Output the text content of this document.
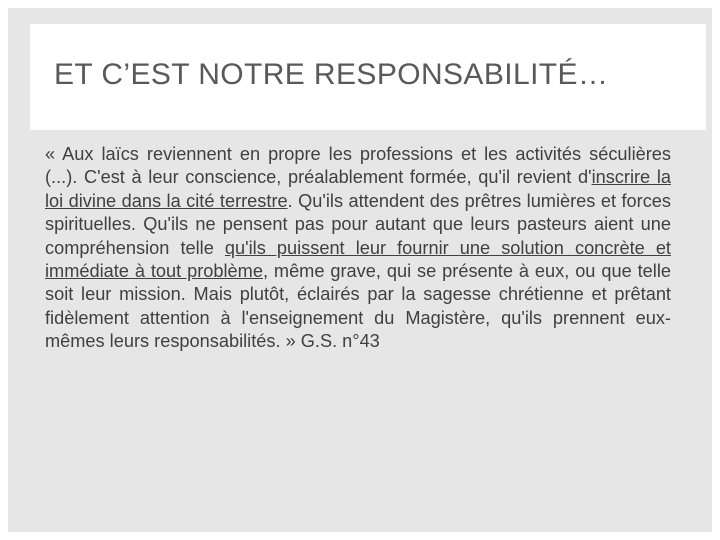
ET C’EST NOTRE RESPONSABILITÉ…

« Aux laïcs reviennent en propre les professions et les activités séculières (...). C'est à leur conscience, préalablement formée, qu'il revient d'inscrire la loi divine dans la cité terrestre. Qu'ils attendent des prêtres lumières et forces spirituelles. Qu'ils ne pensent pas pour autant que leurs pasteurs aient une compréhension telle qu'ils puissent leur fournir une solution concrète et immédiate à tout problème, même grave, qui se présente à eux, ou que telle soit leur mission. Mais plutôt, éclairés par la sagesse chrétienne et prêtant fidèlement attention à l'enseignement du Magistère, qu'ils prennent eux-mêmes leurs responsabilités. » G.S. n°43
